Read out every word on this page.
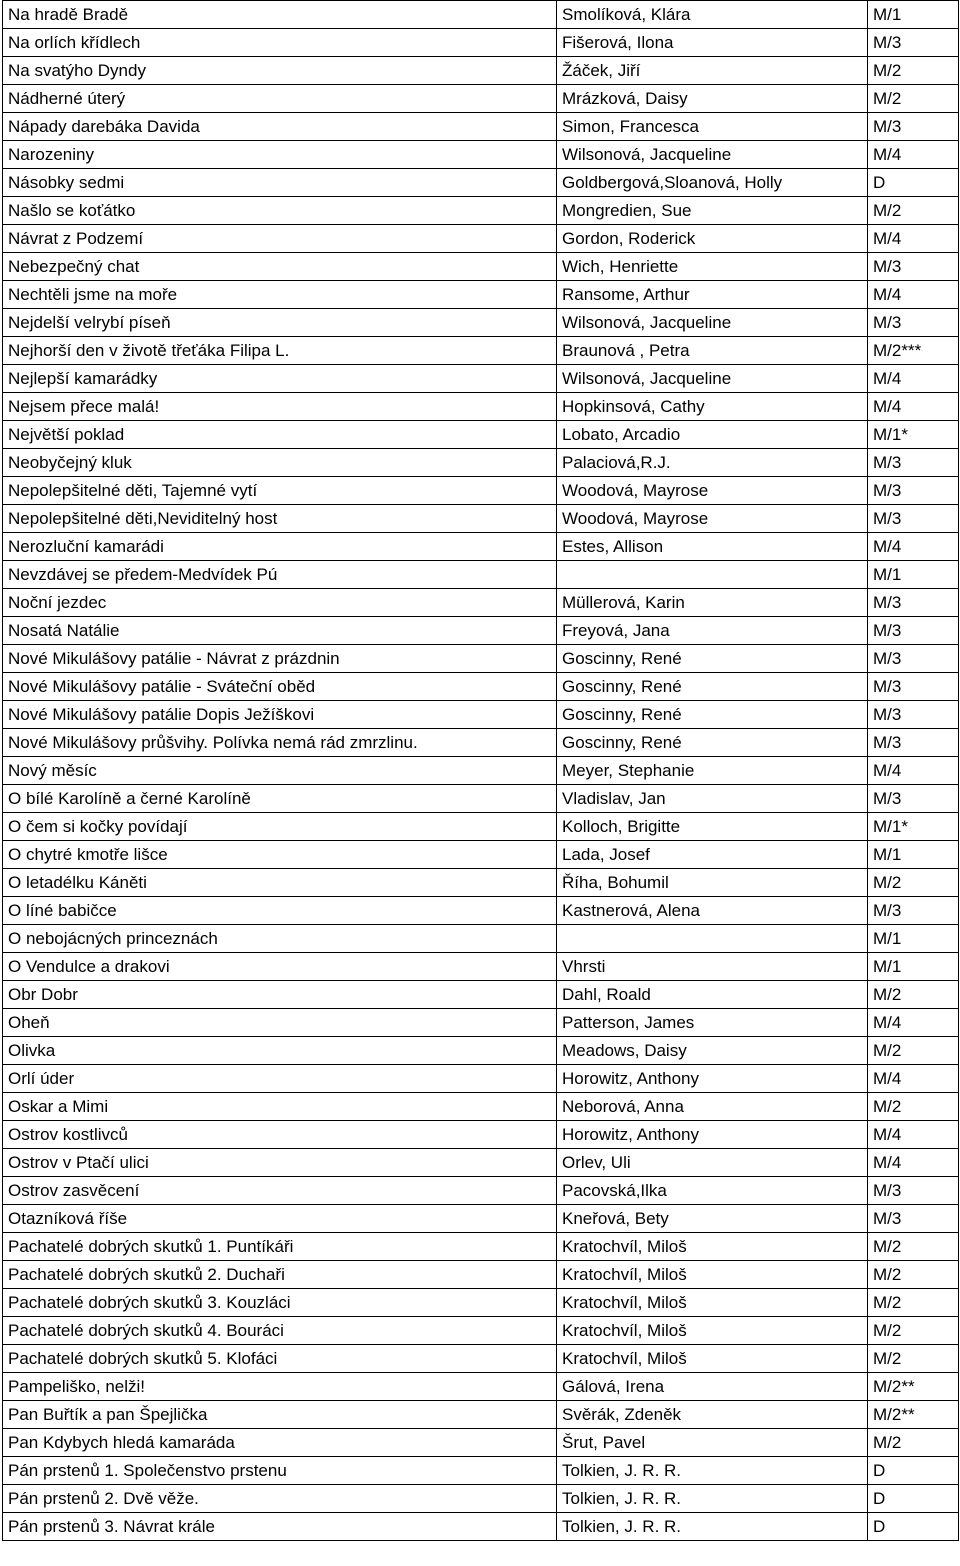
Na hradě Bradě	Smolíková, Klára	M/1
Na orlích křídlech	Fišerová, Ilona	M/3
Na svatýho Dyndy	Žáček, Jiří	M/2
Nádherné úterý	Mrázková, Daisy	M/2
Nápady darebáka Davida	Simon, Francesca	M/3
Narozeniny	Wilsonová, Jacqueline	M/4
Násobky sedmi	Goldbergová,Sloanová, Holly	D
Našlo se koťátko	Mongredien, Sue	M/2
Návrat z Podzemí	Gordon, Roderick	M/4
Nebezpečný chat	Wich, Henriette	M/3
Nechtěli jsme na moře	Ransome, Arthur	M/4
Nejdelší velrybí píseň	Wilsonová, Jacqueline	M/3
Nejhorší den v životě třeťáka Filipa L.	Braunová , Petra	M/2***
Nejlepší kamarádky	Wilsonová, Jacqueline	M/4
Nejsem přece malá!	Hopkinsová, Cathy	M/4
Největší poklad	Lobato, Arcadio	M/1*
Neobyčejný kluk	Palaciová,R.J.	M/3
Nepolepšitelné děti, Tajemné vytí	Woodová, Mayrose	M/3
Nepolepšitelné děti,Neviditelný host	Woodová, Mayrose	M/3
Nerozluční kamarádi	Estes, Allison	M/4
Nevzdávej se předem-Medvídek Pú		M/1
Noční jezdec	Müllerová, Karin	M/3
Nosatá Natálie	Freyová, Jana	M/3
Nové Mikulášovy patálie - Návrat z prázdnin	Goscinny, René	M/3
Nové Mikulášovy patálie - Sváteční oběd	Goscinny, René	M/3
Nové Mikulášovy patálie Dopis Ježíškovi	Goscinny, René	M/3
Nové Mikulášovy průšvihy. Polívka nemá rád zmrzlinu.	Goscinny, René	M/3
Nový měsíc	Meyer, Stephanie	M/4
O bílé Karolíně a černé Karolíně	Vladislav, Jan	M/3
O čem si kočky povídají	Kolloch, Brigitte	M/1*
O chytré kmotře lišce	Lada, Josef	M/1
O letadélku Káněti	Říha, Bohumil	M/2
O líné babičce	Kastnerová, Alena	M/3
O nebojácných princeznách		M/1
O Vendulce a drakovi	Vhrsti	M/1
Obr Dobr	Dahl, Roald	M/2
Oheň	Patterson, James	M/4
Olivka	Meadows, Daisy	M/2
Orlí úder	Horowitz, Anthony	M/4
Oskar a Mimi	Neborová, Anna	M/2
Ostrov kostlivců	Horowitz, Anthony	M/4
Ostrov v Ptačí ulici	Orlev, Uli	M/4
Ostrov zasvěcení	Pacovská,Ilka	M/3
Otazníková říše	Kneřová, Bety	M/3
Pachatelé dobrých skutků 1. Puntíkáři	Kratochvíl, Miloš	M/2
Pachatelé dobrých skutků 2. Duchaři	Kratochvíl, Miloš	M/2
Pachatelé dobrých skutků 3. Kouzláci	Kratochvíl, Miloš	M/2
Pachatelé dobrých skutků 4. Bouráci	Kratochvíl, Miloš	M/2
Pachatelé dobrých skutků 5. Klofáci	Kratochvíl, Miloš	M/2
Pampeliško, nelži!	Gálová, Irena	M/2**
Pan Buřtík a pan Špejlička	Svěrák, Zdeněk	M/2**
Pan Kdybych hledá kamaráda	Šrut, Pavel	M/2
Pán prstenů 1. Společenstvo prstenu	Tolkien, J. R. R.	D
Pán prstenů 2. Dvě věže.	Tolkien, J. R. R.	D
Pán prstenů 3. Návrat krále	Tolkien, J. R. R.	D
